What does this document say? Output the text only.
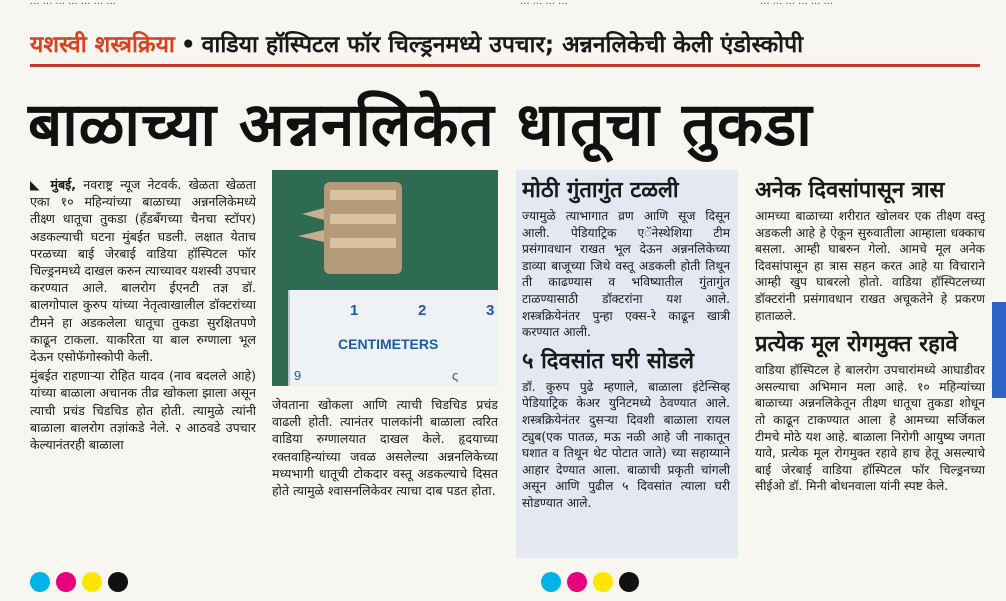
... ... ... ... ... ... ...	... ... ... ...	... ... ... ... ... ...
यशस्वी शस्त्रक्रिया • वाडिया हॉस्पिटल फॉर चिल्ड्रनमध्ये उपचार; अन्ननलिकेची केली एंडोस्कोपी
बाळाच्या अन्ननलिकेत धातूचा तुकडा

◣ मुंबई, नवराष्ट्र न्यूज नेटवर्क. खेळता खेळता एका १० महिन्यांच्या बाळाच्या अन्ननलिकेमध्ये तीक्ष्ण धातूचा तुकडा (हॅंडबॅंगच्या चैनचा स्टॉपर) अडकल्याची घटना मुंबईत घडली. लक्षात येताच परळच्या बाई जेरबाई वाडिया हॉस्पिटल फॉर चिल्ड्रनमध्ये दाखल करुन त्याच्यावर यशस्वी उपचार करण्यात आले. बालरोग ईएनटी तज्ञ डॉ. बालगोपाल कुरुप यांच्या नेतृत्वाखालील डॉक्टरांच्या टीमने हा अडकलेला धातूचा तुकडा सुरक्षितपणे काढून टाकला. याकरिता या बाल रुग्णाला भूल देऊन एसोफॅगोस्कोपी केली.

मुंबईत राहणाऱ्या रोहित यादव (नाव बदलले आहे) यांच्या बाळाला अचानक तीव्र खोकला झाला असून त्याची प्रचंड चिडचिड होत होती. त्यामुळे त्यांनी बाळाला बालरोग तज्ञांकडे नेले. २ आठवडे उपचार केल्यानंतरही बाळाला

1	2	3
CENTIMETERS
9	ς

जेवताना खोकला आणि त्याची चिडचिड प्रचंड वाढली होती. त्यानंतर पालकांनी बाळाला त्वरित वाडिया रुग्णालयात दाखल केले. हृदयाच्या रक्तवाहिन्यांच्या जवळ असलेल्या अन्ननलिकेच्या मध्यभागी धातूची टोकदार वस्तू अडकल्याचे दिसत होते त्यामुळे श्वासनलिकेवर त्याचा दाब पडत होता.

मोठी गुंतागुंत टळली

ज्यामुळे त्याभागात व्रण आणि सूज दिसून आली. पेडियाट्रिक एॅनेस्थेशिया टीम प्रसंगावधान राखत भूल देऊन अन्ननलिकेच्या डाव्या बाजूच्या जिथे वस्तू अडकली होती तिथून ती काढण्यास व भविष्यातील गुंतागुंत टाळण्यासाठी डॉक्टरांना यश आले. शस्त्रक्रियेनंतर पुन्हा एक्स-रे काढून खात्री करण्यात आली.

५ दिवसांत घरी सोडले

डॉ. कुरुप पुढे म्हणाले, बाळाला इंटेन्सिव्ह पेडियाट्रिक केअर युनिटमध्ये ठेवण्यात आले. शस्त्रक्रियेनंतर दुसऱ्या दिवशी बाळाला रायल ट्युब(एक पातळ, मऊ नळी आहे जी नाकातून घशात व तिथून थेट पोटात जाते) च्या सहाय्याने आहार देण्यात आला. बाळाची प्रकृती चांगली असून आणि पुढील ५ दिवसांत त्याला घरी सोडण्यात आले.

अनेक दिवसांपासून त्रास

आमच्या बाळाच्या शरीरात खोलवर एक तीक्ष्ण वस्तू अडकली आहे हे ऐकून सुरुवातीला आम्हाला धक्काच बसला. आम्ही घाबरुन गेलो. आमचे मूल अनेक दिवसांपासून हा त्रास सहन करत आहे या विचाराने आम्ही खुप घाबरलो होतो. वाडिया हॉस्पिटलच्या डॉक्टरांनी प्रसंगावधान राखत अचूकतेने हे प्रकरण हाताळले.

प्रत्येक मूल रोगमुक्त रहावे

वाडिया हॉस्पिटल हे बालरोग उपचारांमध्ये आघाडीवर असल्याचा अभिमान मला आहे. १० महिन्यांच्या बाळाच्या अन्ननलिकेतून तीक्ष्ण धातूचा तुकडा शोधून तो काढून टाकण्यात आला हे आमच्या सर्जिकल टीमचे मोठे यश आहे. बाळाला निरोगी आयुष्य जगता यावे, प्रत्येक मूल रोगमुक्त रहावे हाच हेतू असल्याचे बाई जेरबाई वाडिया हॉस्पिटल फॉर चिल्ड्रनच्या सीईओ डॉ. मिनी बोधनवाला यांनी स्पष्ट केले.
